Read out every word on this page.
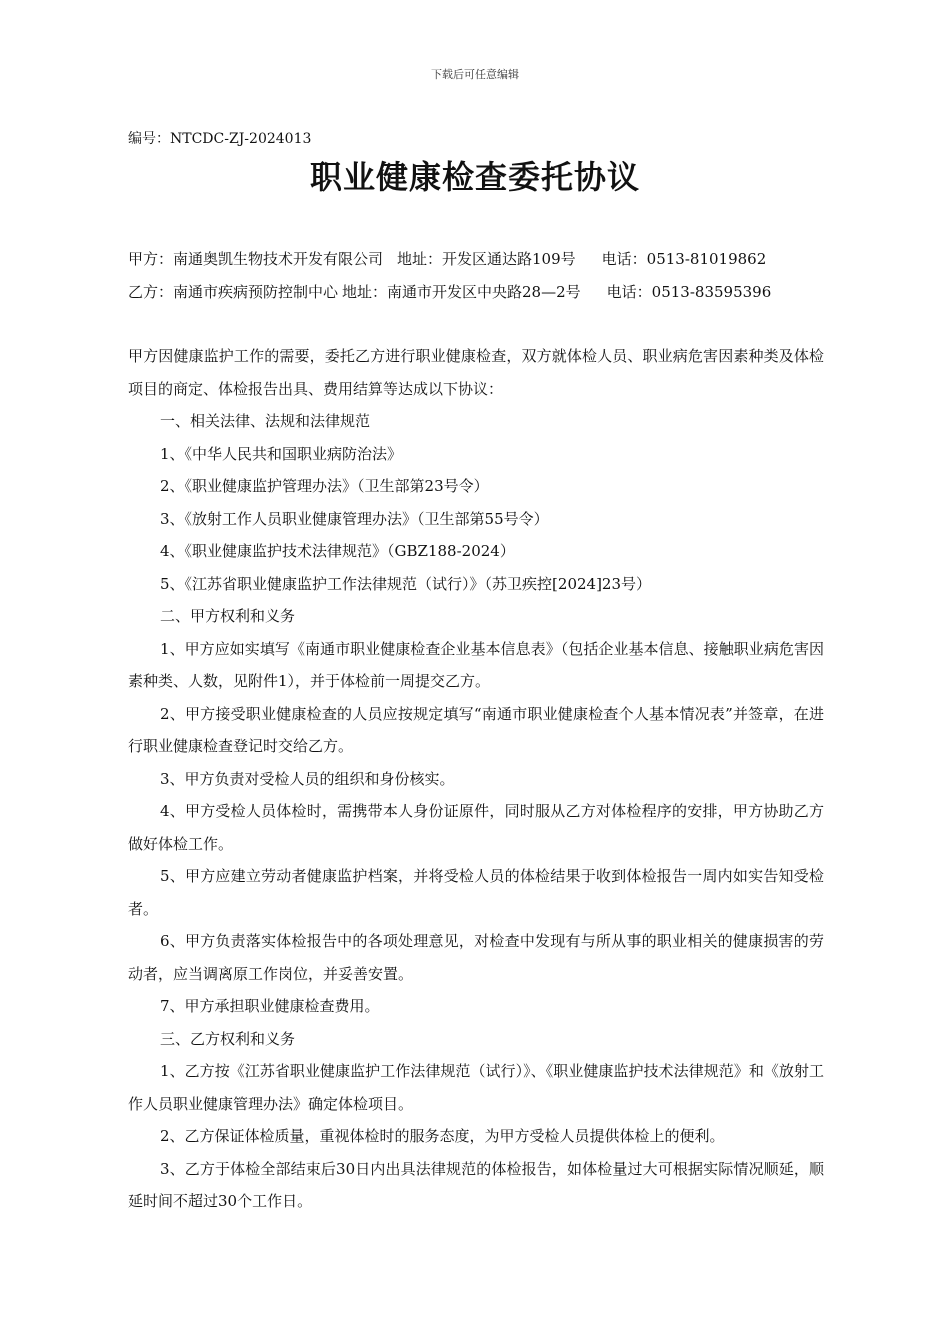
下载后可任意编辑
编号：NTCDC-ZJ-2024013
职业健康检查委托协议
甲方：南通奥凯生物技术开发有限公司 地址：开发区通达路109号 电话：0513-81019862
乙方：南通市疾病预防控制中心 地址：南通市开发区中央路28—2号 电话：0513-83595396

甲方因健康监护工作的需要，委托乙方进行职业健康检查，双方就体检人员、职业病危害因素种类及体检项目的商定、体检报告出具、费用结算等达成以下协议：

一、相关法律、法规和法律规范

1、《中华人民共和国职业病防治法》

2、《职业健康监护管理办法》（卫生部第23号令）

3、《放射工作人员职业健康管理办法》（卫生部第55号令）

4、《职业健康监护技术法律规范》（GBZ188-2024）

5、《江苏省职业健康监护工作法律规范（试行）》（苏卫疾控[2024]23号）

二、甲方权利和义务

1、甲方应如实填写《南通市职业健康检查企业基本信息表》（包括企业基本信息、接触职业病危害因素种类、人数，见附件1），并于体检前一周提交乙方。

2、甲方接受职业健康检查的人员应按规定填写“南通市职业健康检查个人基本情况表”并签章，在进行职业健康检查登记时交给乙方。

3、甲方负责对受检人员的组织和身份核实。

4、甲方受检人员体检时，需携带本人身份证原件，同时服从乙方对体检程序的安排，甲方协助乙方做好体检工作。

5、甲方应建立劳动者健康监护档案，并将受检人员的体检结果于收到体检报告一周内如实告知受检者。

6、甲方负责落实体检报告中的各项处理意见，对检查中发现有与所从事的职业相关的健康损害的劳动者，应当调离原工作岗位，并妥善安置。

7、甲方承担职业健康检查费用。

三、乙方权利和义务

1、乙方按《江苏省职业健康监护工作法律规范（试行）》、《职业健康监护技术法律规范》和《放射工作人员职业健康管理办法》确定体检项目。

2、乙方保证体检质量，重视体检时的服务态度，为甲方受检人员提供体检上的便利。

3、乙方于体检全部结束后30日内出具法律规范的体检报告，如体检量过大可根据实际情况顺延，顺延时间不超过30个工作日。
